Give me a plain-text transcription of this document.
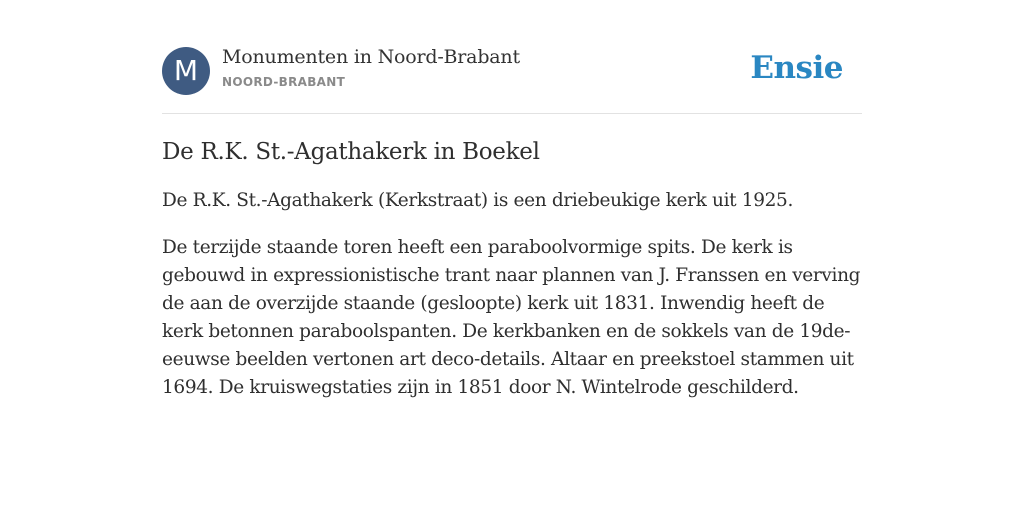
M	Monumenten in Noord-Brabant
NOORD-BRABANT	Ensie
De R.K. St.-Agathakerk in Boekel

De R.K. St.-Agathakerk (Kerkstraat) is een driebeukige kerk uit 1925.

De terzijde staande toren heeft een paraboolvormige spits. De kerk is gebouwd in expressionistische trant naar plannen van J. Franssen en verving de aan de overzijde staande (gesloopte) kerk uit 1831. Inwendig heeft de kerk betonnen paraboolspanten. De kerkbanken en de sokkels van de 19de-eeuwse beelden vertonen art deco-details. Altaar en preekstoel stammen uit 1694. De kruiswegstaties zijn in 1851 door N. Wintelrode geschilderd.
